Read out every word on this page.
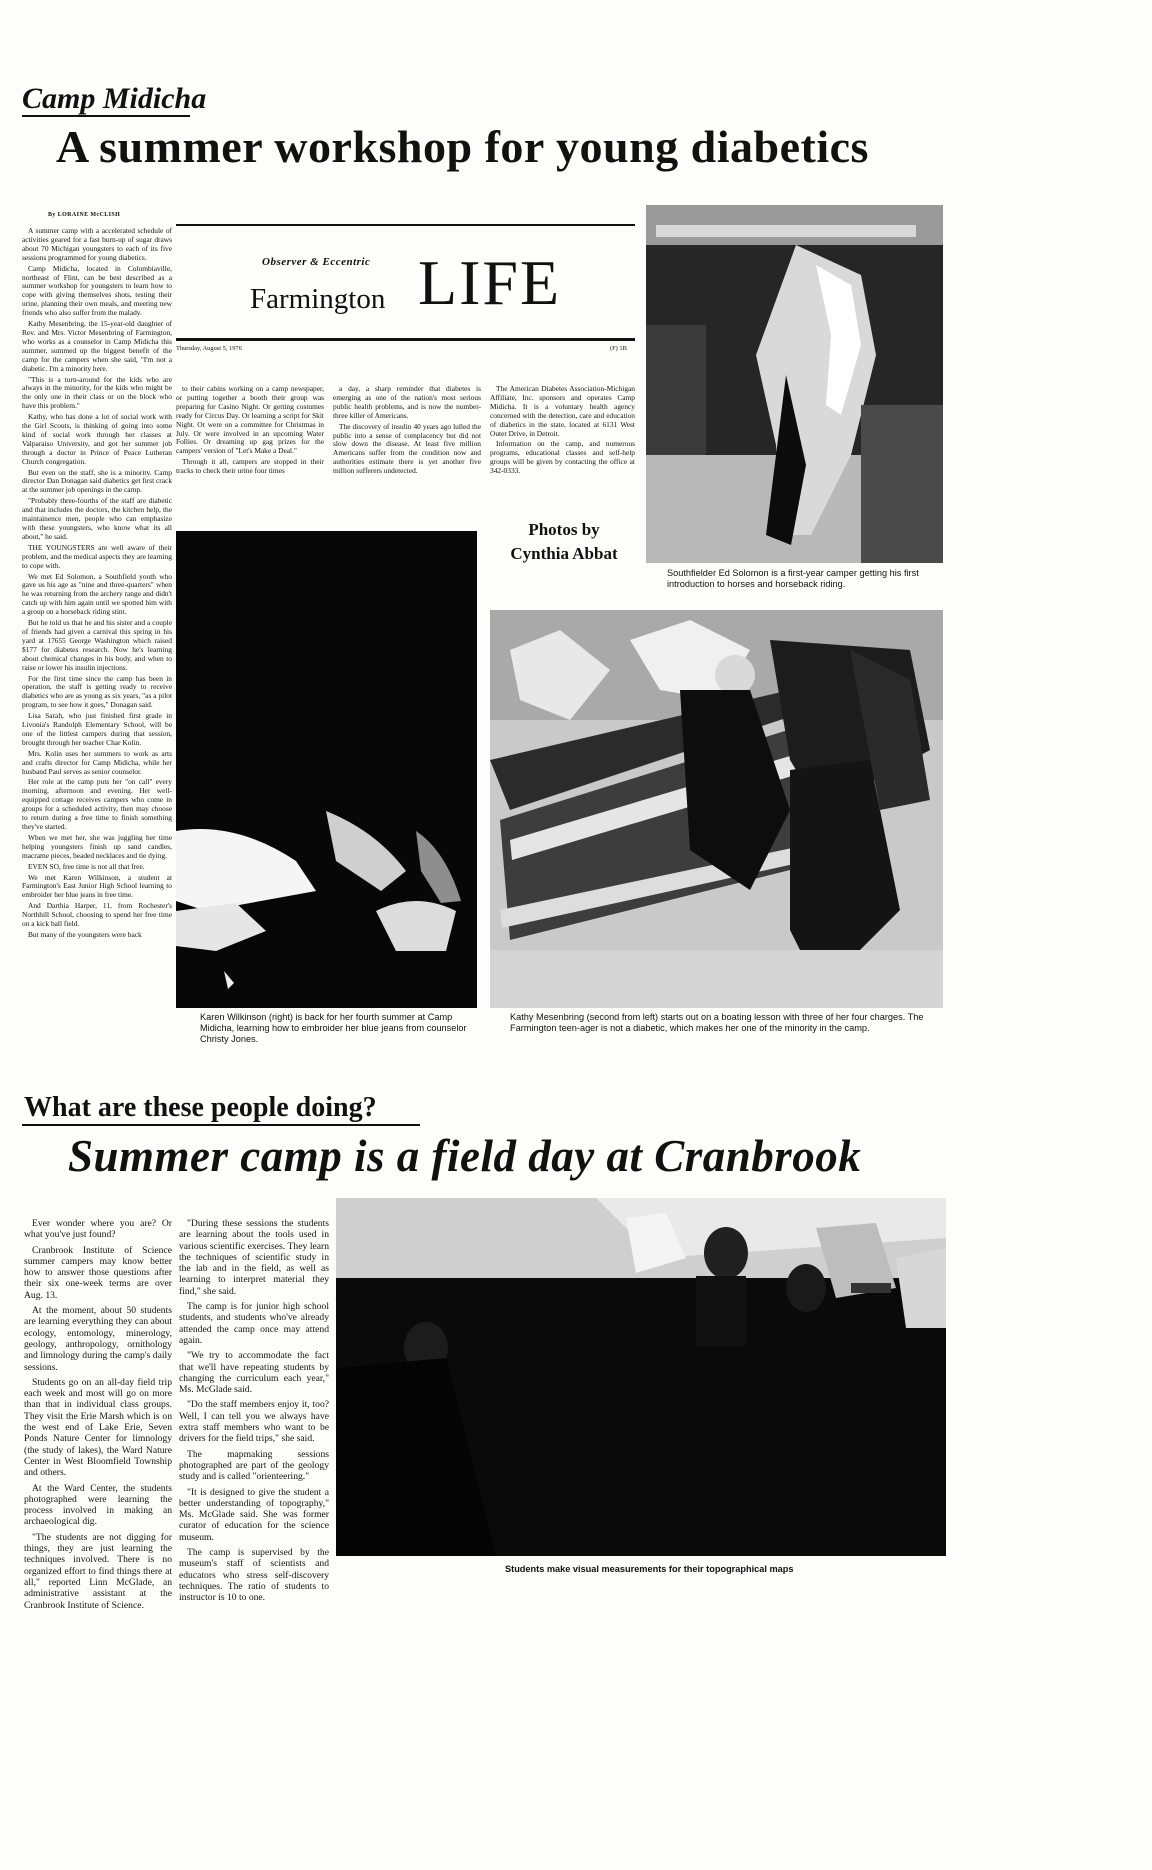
Camp Midicha
A summer workshop for young diabetics
By LORAINE McCLISH

A summer camp with a accelerated schedule of activities geared for a fast burn-up of sugar draws about 70 Michigan youngsters to each of its five sessions programmed for young diabetics.

Camp Midicha, located in Columbiaville, northeast of Flint, can be best described as a summer workshop for youngsters to learn how to cope with giving themselves shots, testing their urine, planning their own meals, and meeting new friends who also suffer from the malady.

Kathy Mesenbring, the 15-year-old daughter of Rev. and Mrs. Victor Mesenbring of Farmington, who works as a counselor in Camp Midicha this summer, summed up the biggest benefit of the camp for the campers when she said, "I'm not a diabetic. I'm a minority here.

"This is a turn-around for the kids who are always in the minority, for the kids who might be the only one in their class or on the block who have this problem."

Kathy, who has done a lot of social work with the Girl Scouts, is thinking of going into some kind of social work through her classes at Valparaiso University, and got her summer job through a doctor in Prince of Peace Lutheran Church congregation.

But even on the staff, she is a minority. Camp director Dan Donagan said diabetics get first crack at the summer job openings in the camp.

"Probably three-fourths of the staff are diabetic and that includes the doctors, the kitchen help, the maintainence men, people who can emphasize with these youngsters, who know what its all about," he said.

THE YOUNGSTERS are well aware of their problem, and the medical aspects they are learning to cope with.

We met Ed Solomon, a Southfield youth who gave us his age as "nine and three-quarters" when he was returning from the archery range and didn't catch up with him again until we spotted him with a group on a horseback riding stint.

But he told us that he and his sister and a couple of friends had given a carnival this spring in his yard at 17655 George Washington which raised $177 for diabetes research. Now he's learning about chemical changes in his body, and when to raise or lower his insulin injections.

For the first time since the camp has been in operation, the staff is getting ready to receive diabetics who are as young as six years, "as a pilot program, to see how it goes," Donagan said.

Lisa Sarah, who just finished first grade in Livonia's Randolph Elementary School, will be one of the littlest campers during that session, brought through her teacher Char Kolin.

Mrs. Kolin uses her summers to work as arts and crafts director for Camp Midicha, while her husband Paul serves as senior counselor.

Her role at the camp puts her "on call" every morning, afternoon and evening. Her well-equipped cottage receives campers who come in groups for a scheduled activity, then may choose to return during a free time to finish something they've started.

When we met her, she was juggling her time helping youngsters finish up sand candles, macrame pieces, beaded necklaces and tie dying.

EVEN SO, free time is not all that free.

We met Karen Wilkinson, a student at Farmington's East Junior High School learning to embroider her blue jeans in free time.

And Darthia Harper, 11, from Rochester's Northhill School, choosing to spend her free time on a kick ball field.

But many of the youngsters were back

Observer & Eccentric
Farmington LIFE
Thursday, August 5, 1976	(F) 1B

to their cabins working on a camp newspaper, or putting together a booth their group was preparing for Casino Night. Or getting costumes ready for Circus Day. Or learning a script for Skit Night. Or were on a committee for Christmas in July. Or were involved in an upcoming Water Follies. Or dreaming up gag prizes for the campers' version of "Let's Make a Deal."

Through it all, campers are stopped in their tracks to check their urine four times

a day, a sharp reminder that diabetes is emerging as one of the nation's most serious public health problems, and is now the number-three killer of Americans.

The discovery of insulin 40 years ago lulled the public into a sense of complacency but did not slow down the disease. At least five million Americans suffer from the condition now and authorities estimate there is yet another five million sufferers undetected.

The American Diabetes Association-Michigan Affiliate, Inc. sponsors and operates Camp Midicha. It is a voluntary health agency concerned with the detection, care and education of diabetics in the state, located at 6131 West Outer Drive, in Detroit.

Information on the camp, and numerous programs, educational classes and self-help groups will be given by contacting the office at 342-0333.

Photos by
Cynthia Abbat
Southfielder Ed Solomon is a first-year camper getting his first introduction to horses and horseback riding.
Karen Wilkinson (right) is back for her fourth summer at Camp Midicha, learning how to embroider her blue jeans from counselor Christy Jones.
Kathy Mesenbring (second from left) starts out on a boating lesson with three of her four charges. The Farmington teen-ager is not a diabetic, which makes her one of the minority in the camp.
What are these people doing?
Summer camp is a field day at Cranbrook

Ever wonder where you are? Or what you've just found?

Cranbrook Institute of Science summer campers may know better how to answer those questions after their six one-week terms are over Aug. 13.

At the moment, about 50 students are learning everything they can about ecology, entomology, minerology, geology, anthropology, ornithology and limnology during the camp's daily sessions.

Students go on an all-day field trip each week and most will go on more than that in individual class groups. They visit the Erie Marsh which is on the west end of Lake Erie, Seven Ponds Nature Center for limnology (the study of lakes), the Ward Nature Center in West Bloomfield Township and others.

At the Ward Center, the students photographed were learning the process involved in making an archaeological dig.

"The students are not digging for things, they are just learning the techniques involved. There is no organized effort to find things there at all," reported Linn McGlade, an administrative assistant at the Cranbrook Institute of Science.

"During these sessions the students are learning about the tools used in various scientific exercises. They learn the techniques of scientific study in the lab and in the field, as well as learning to interpret material they find," she said.

The camp is for junior high school students, and students who've already attended the camp once may attend again.

"We try to accommodate the fact that we'll have repeating students by changing the curriculum each year," Ms. McGlade said.

"Do the staff members enjoy it, too? Well, I can tell you we always have extra staff members who want to be drivers for the field trips," she said.

The mapmaking sessions photographed are part of the geology study and is called "orienteering."

"It is designed to give the student a better understanding of topography," Ms. McGlade said. She was former curator of education for the science museum.

The camp is supervised by the museum's staff of scientists and educators who stress self-discovery techniques. The ratio of students to instructor is 10 to one.

Students make visual measurements for their topographical maps
